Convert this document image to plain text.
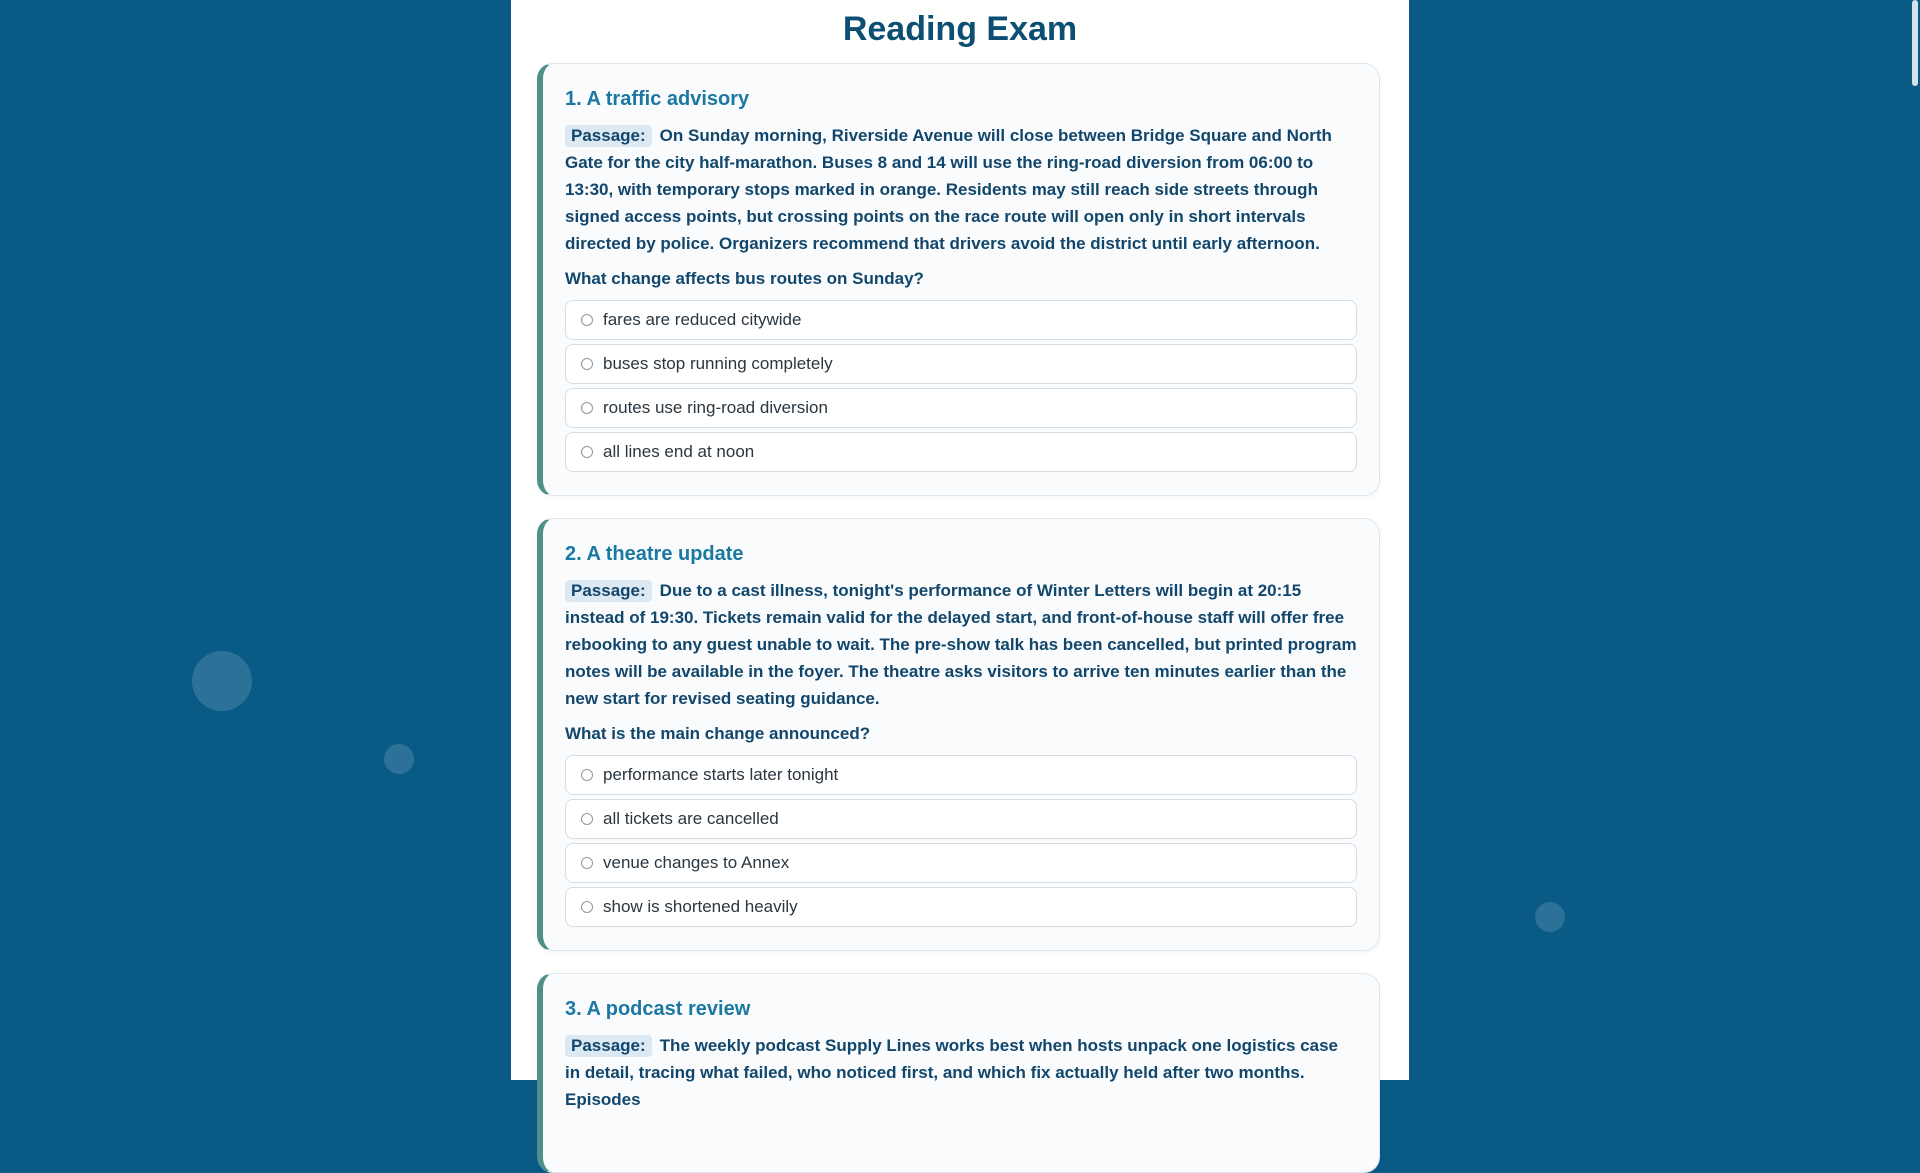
Reading Exam
1. A traffic advisory

Passage: On Sunday morning, Riverside Avenue will close between Bridge Square and North Gate for the city half-marathon. Buses 8 and 14 will use the ring-road diversion from 06:00 to 13:30, with temporary stops marked in orange. Residents may still reach side streets through signed access points, but crossing points on the race route will open only in short intervals directed by police. Organizers recommend that drivers avoid the district until early afternoon.

What change affects bus routes on Sunday?
fares are reduced citywide
buses stop running completely
routes use ring-road diversion
all lines end at noon
2. A theatre update

Passage: Due to a cast illness, tonight's performance of Winter Letters will begin at 20:15 instead of 19:30. Tickets remain valid for the delayed start, and front-of-house staff will offer free rebooking to any guest unable to wait. The pre-show talk has been cancelled, but printed program notes will be available in the foyer. The theatre asks visitors to arrive ten minutes earlier than the new start for revised seating guidance.

What is the main change announced?
performance starts later tonight
all tickets are cancelled
venue changes to Annex
show is shortened heavily
3. A podcast review

Passage: The weekly podcast Supply Lines works best when hosts unpack one logistics case in detail, tracing what failed, who noticed first, and which fix actually held after two months. Episodes
